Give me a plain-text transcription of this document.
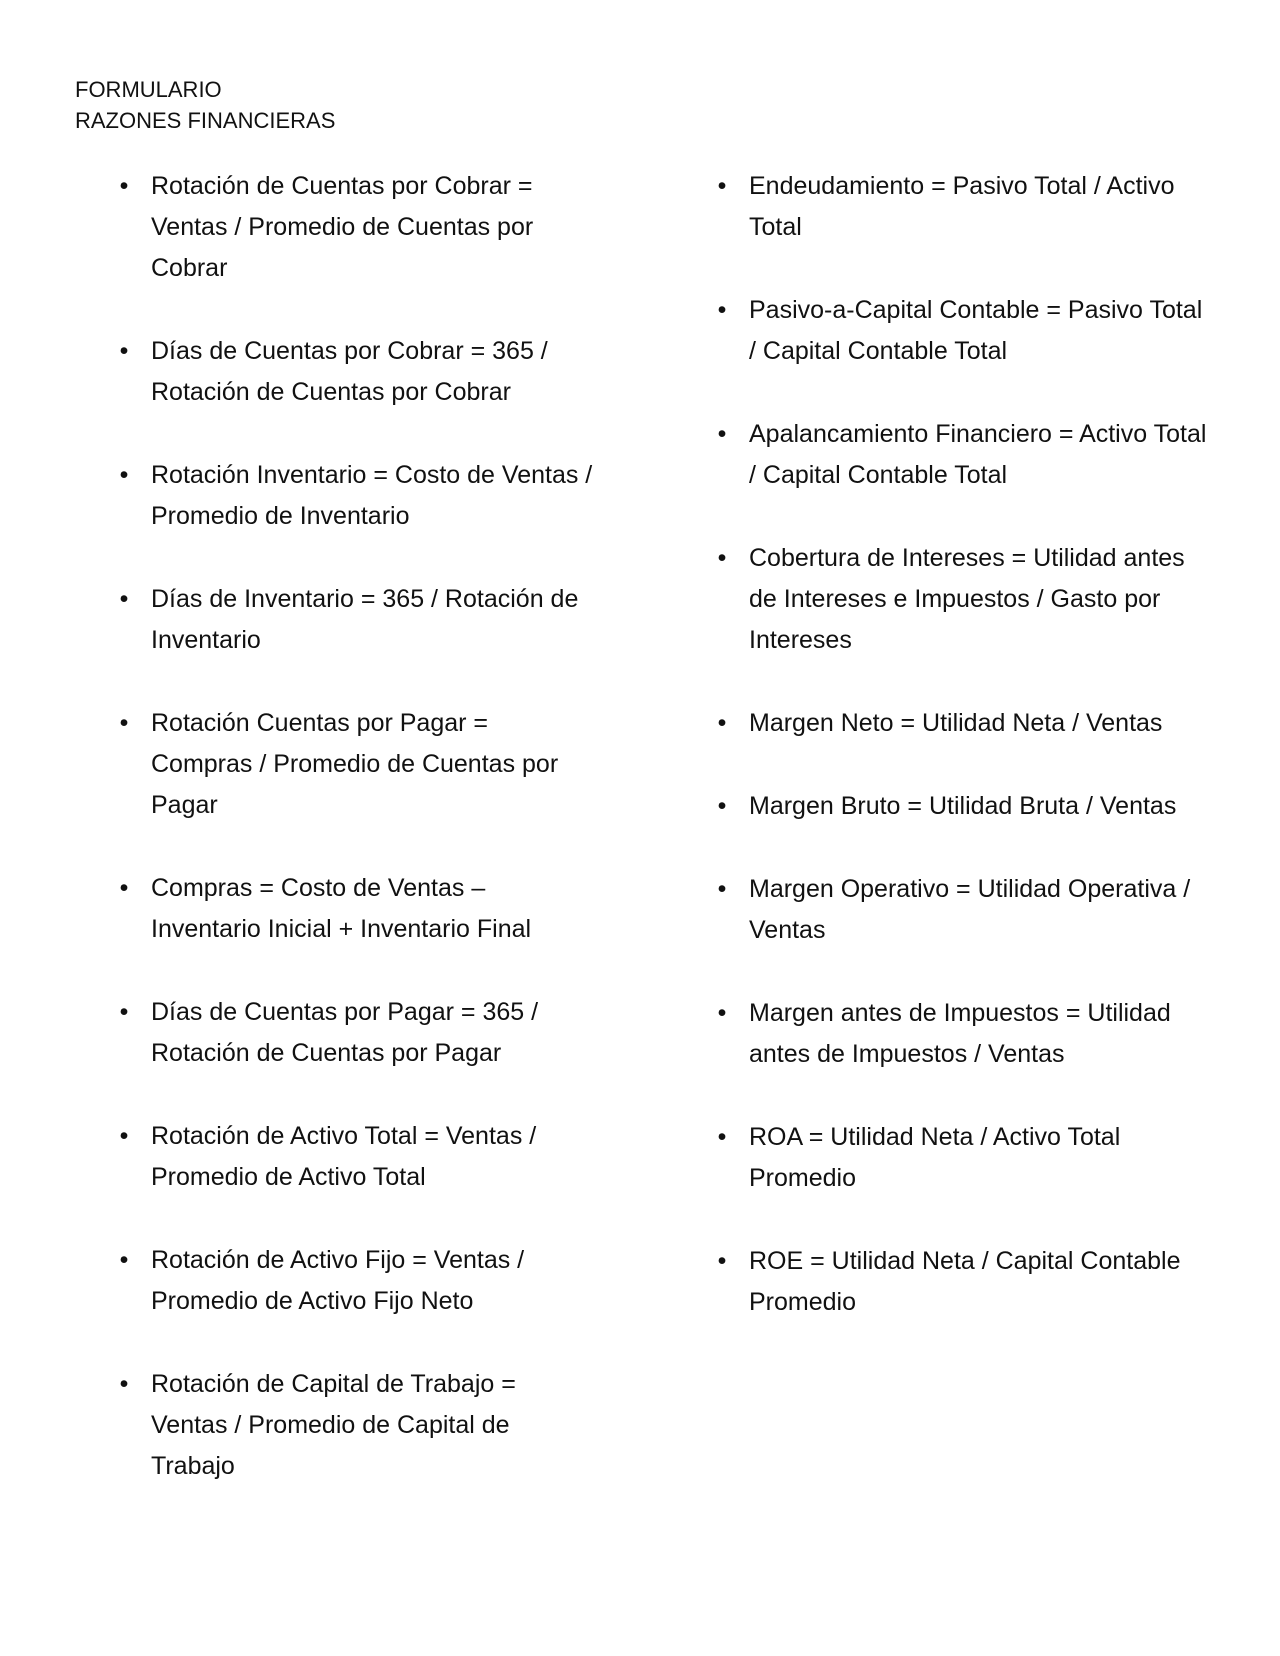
FORMULARIO
RAZONES FINANCIERAS
• Rotación de Cuentas por Cobrar = Ventas / Promedio de Cuentas por Cobrar
• Días de Cuentas por Cobrar = 365 / Rotación de Cuentas por Cobrar
• Rotación Inventario = Costo de Ventas / Promedio de Inventario
• Días de Inventario = 365 / Rotación de Inventario
• Rotación Cuentas por Pagar = Compras / Promedio de Cuentas por Pagar
• Compras = Costo de Ventas – Inventario Inicial + Inventario Final
• Días de Cuentas por Pagar = 365 / Rotación de Cuentas por Pagar
• Rotación de Activo Total = Ventas / Promedio de Activo Total
• Rotación de Activo Fijo = Ventas / Promedio de Activo Fijo Neto
• Rotación de Capital de Trabajo = Ventas / Promedio de Capital de Trabajo
• Endeudamiento = Pasivo Total / Activo Total
• Pasivo-a-Capital Contable = Pasivo Total / Capital Contable Total
• Apalancamiento Financiero = Activo Total / Capital Contable Total
• Cobertura de Intereses = Utilidad antes de Intereses e Impuestos / Gasto por Intereses
• Margen Neto = Utilidad Neta / Ventas
• Margen Bruto = Utilidad Bruta / Ventas
• Margen Operativo = Utilidad Operativa / Ventas
• Margen antes de Impuestos = Utilidad antes de Impuestos / Ventas
• ROA = Utilidad Neta / Activo Total Promedio
• ROE = Utilidad Neta / Capital Contable Promedio
